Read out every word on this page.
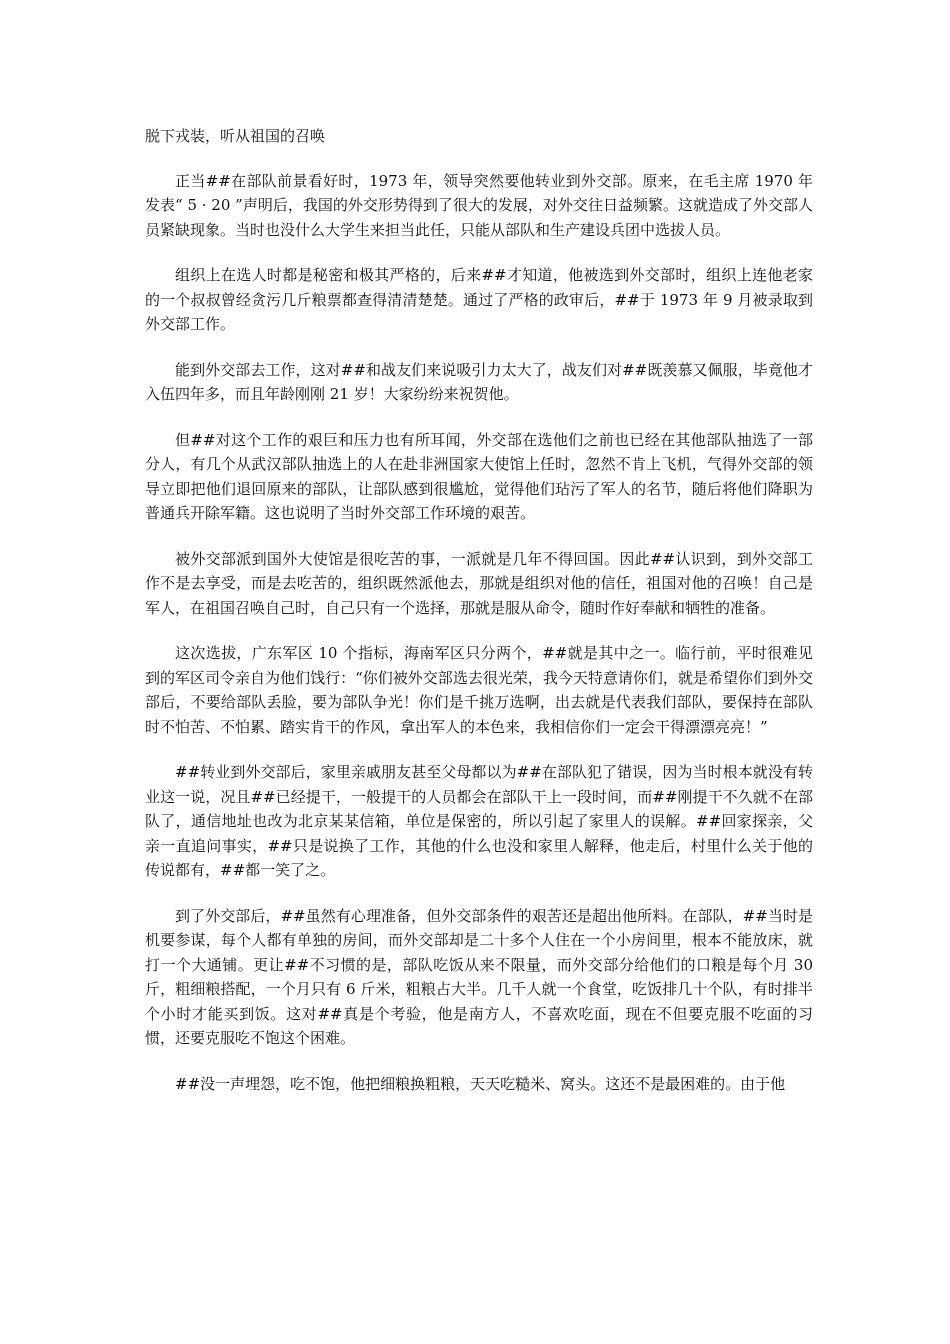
脱下戎装，听从祖国的召唤

正当##在部队前景看好时，1973 年，领导突然要他转业到外交部。原来，在毛主席 1970 年发表“ 5 · 20 ”声明后，我国的外交形势得到了很大的发展，对外交往日益频繁。这就造成了外交部人员紧缺现象。当时也没什么大学生来担当此任，只能从部队和生产建设兵团中选拔人员。

组织上在选人时都是秘密和极其严格的，后来##才知道，他被选到外交部时，组织上连他老家的一个叔叔曾经贪污几斤粮票都查得清清楚楚。通过了严格的政审后，##于 1973 年 9 月被录取到外交部工作。

能到外交部去工作，这对##和战友们来说吸引力太大了，战友们对##既羡慕又佩服，毕竟他才入伍四年多，而且年龄刚刚 21 岁！大家纷纷来祝贺他。

但##对这个工作的艰巨和压力也有所耳闻，外交部在选他们之前也已经在其他部队抽选了一部分人，有几个从武汉部队抽选上的人在赴非洲国家大使馆上任时，忽然不肯上飞机，气得外交部的领导立即把他们退回原来的部队，让部队感到很尴尬，觉得他们玷污了军人的名节，随后将他们降职为普通兵开除军籍。这也说明了当时外交部工作环境的艰苦。

被外交部派到国外大使馆是很吃苦的事，一派就是几年不得回国。因此##认识到，到外交部工作不是去享受，而是去吃苦的，组织既然派他去，那就是组织对他的信任，祖国对他的召唤！自己是军人，在祖国召唤自己时，自己只有一个选择，那就是服从命令，随时作好奉献和牺牲的准备。

这次选拔，广东军区 10 个指标，海南军区只分两个，##就是其中之一。临行前，平时很难见到的军区司令亲自为他们饯行：“你们被外交部选去很光荣，我今天特意请你们，就是希望你们到外交部后，不要给部队丢脸，要为部队争光！你们是千挑万选啊，出去就是代表我们部队，要保持在部队时不怕苦、不怕累、踏实肯干的作风，拿出军人的本色来，我相信你们一定会干得漂漂亮亮！”

##转业到外交部后，家里亲戚朋友甚至父母都以为##在部队犯了错误，因为当时根本就没有转业这一说，况且##已经提干，一般提干的人员都会在部队干上一段时间，而##刚提干不久就不在部队了，通信地址也改为北京某某信箱，单位是保密的，所以引起了家里人的误解。##回家探亲，父亲一直追问事实，##只是说换了工作，其他的什么也没和家里人解释，他走后，村里什么关于他的传说都有，##都一笑了之。

到了外交部后，##虽然有心理准备，但外交部条件的艰苦还是超出他所料。在部队，##当时是机要参谋，每个人都有单独的房间，而外交部却是二十多个人住在一个小房间里，根本不能放床，就打一个大通铺。更让##不习惯的是，部队吃饭从来不限量，而外交部分给他们的口粮是每个月 30 斤，粗细粮搭配，一个月只有 6 斤米，粗粮占大半。几千人就一个食堂，吃饭排几十个队，有时排半个小时才能买到饭。这对##真是个考验，他是南方人，不喜欢吃面，现在不但要克服不吃面的习惯，还要克服吃不饱这个困难。

##没一声埋怨，吃不饱，他把细粮换粗粮，天天吃糙米、窝头。这还不是最困难的。由于他
